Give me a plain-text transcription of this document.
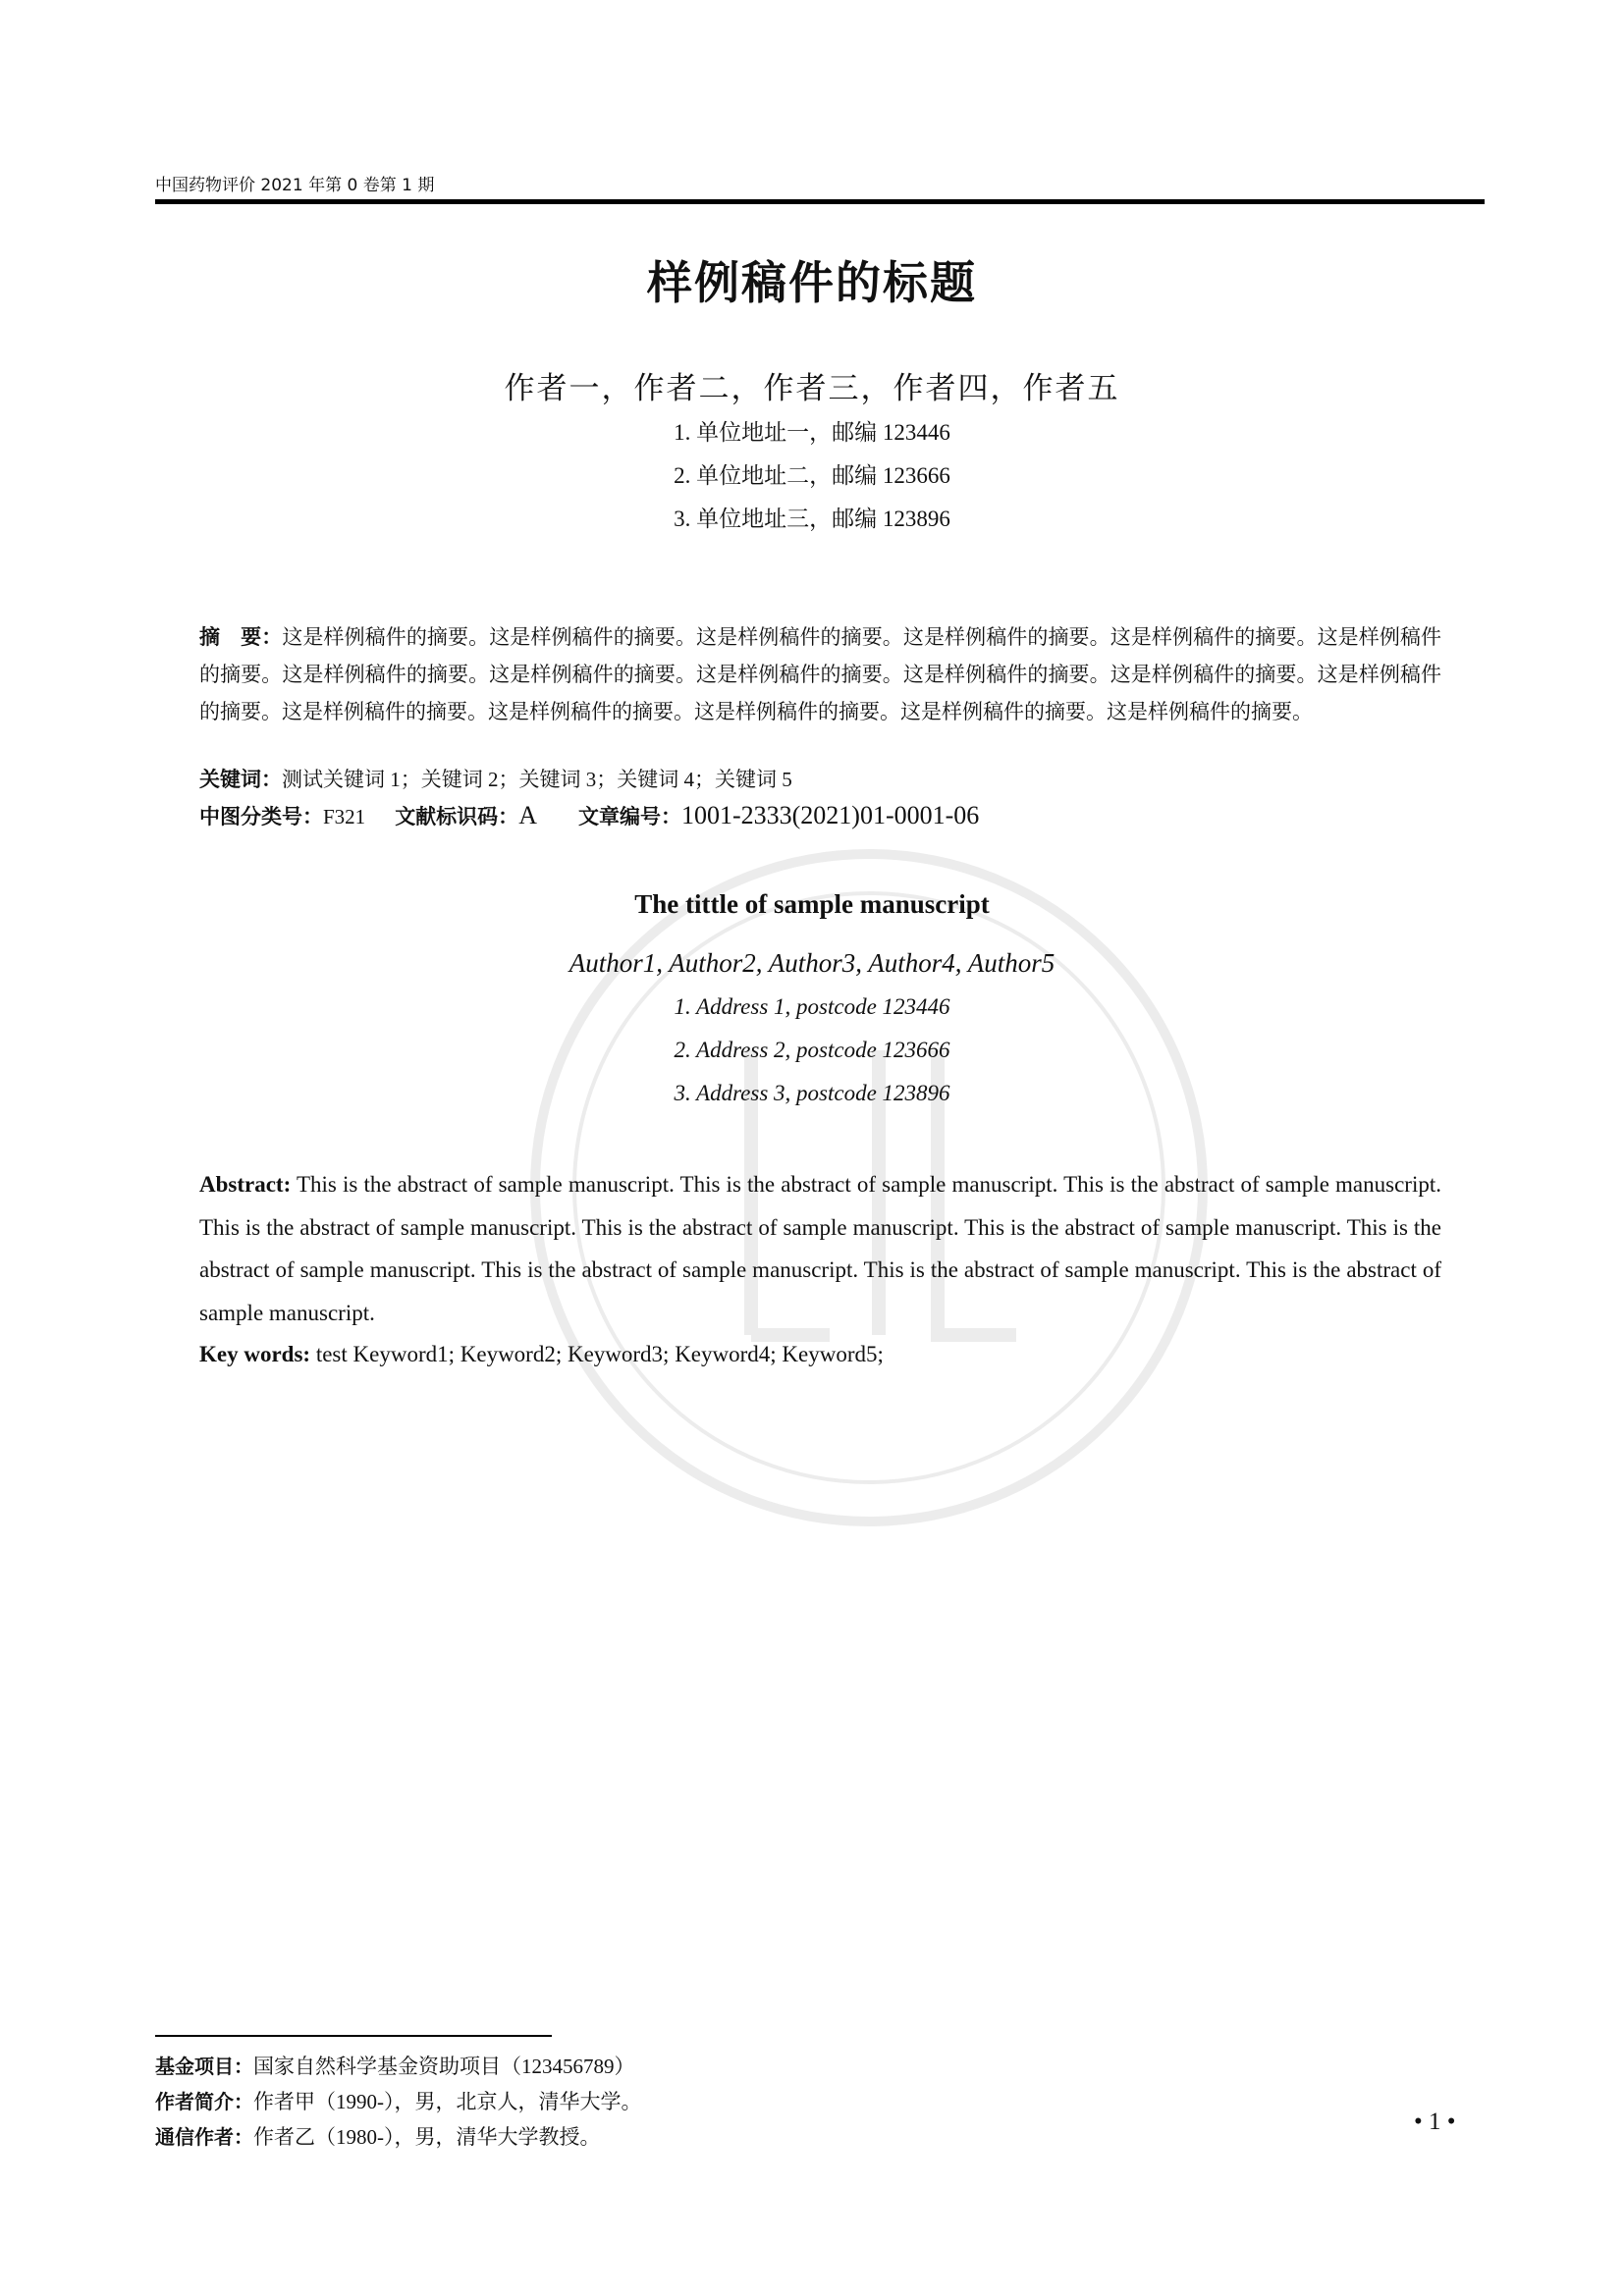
中国药物评价 2021 年第 0 卷第 1 期
样例稿件的标题
作者一，作者二，作者三，作者四，作者五
1. 单位地址一，邮编 123446
2. 单位地址二，邮编 123666
3. 单位地址三，邮编 123896
摘　要：这是样例稿件的摘要。这是样例稿件的摘要。这是样例稿件的摘要。这是样例稿件的摘要。这是样例稿件的摘要。这是样例稿件的摘要。这是样例稿件的摘要。这是样例稿件的摘要。这是样例稿件的摘要。这是样例稿件的摘要。这是样例稿件的摘要。这是样例稿件的摘要。这是样例稿件的摘要。这是样例稿件的摘要。这是样例稿件的摘要。这是样例稿件的摘要。这是样例稿件的摘要。
关键词：测试关键词 1；关键词 2；关键词 3；关键词 4；关键词 5
中图分类号：F321 文献标识码：A 文章编号：1001-2333(2021)01-0001-06
The tittle of sample manuscript
Author1, Author2, Author3, Author4, Author5
1. Address 1, postcode 123446
2. Address 2, postcode 123666
3. Address 3, postcode 123896
Abstract: This is the abstract of sample manuscript. This is the abstract of sample manuscript. This is the abstract of sample manuscript. This is the abstract of sample manuscript. This is the abstract of sample manuscript. This is the abstract of sample manuscript. This is the abstract of sample manuscript. This is the abstract of sample manuscript. This is the abstract of sample manuscript. This is the abstract of sample manuscript.
Key words: test Keyword1; Keyword2; Keyword3; Keyword4; Keyword5;
基金项目：国家自然科学基金资助项目（123456789）
作者简介：作者甲（1990-），男，北京人，清华大学。
通信作者：作者乙（1980-），男，清华大学教授。
• 1 •
